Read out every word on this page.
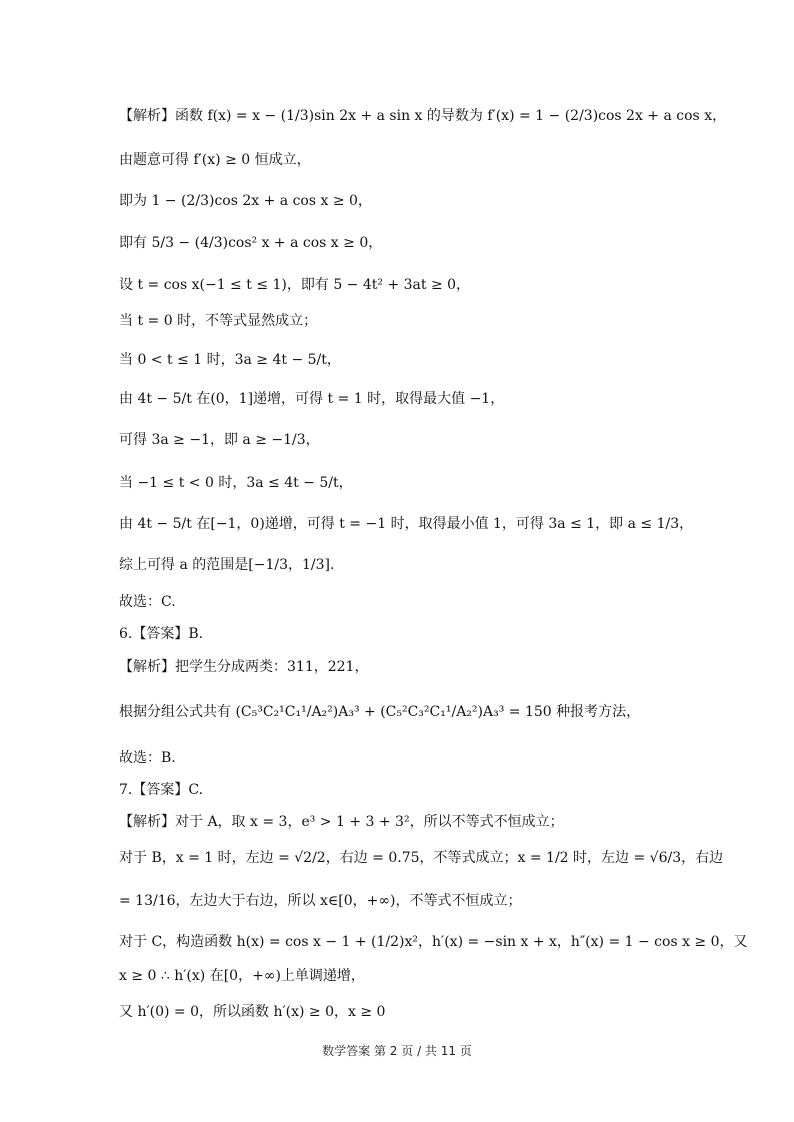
【解析】函数 f(x) = x − (1/3)sin 2x + a sin x 的导数为 f′(x) = 1 − (2/3)cos 2x + a cos x，
由题意可得 f′(x) ≥ 0 恒成立，
即为 1 − (2/3)cos 2x + a cos x ≥ 0，
即有 5/3 − (4/3)cos² x + a cos x ≥ 0，
设 t = cos x(−1 ≤ t ≤ 1)，即有 5 − 4t² + 3at ≥ 0，
当 t = 0 时，不等式显然成立；
当 0 < t ≤ 1 时，3a ≥ 4t − 5/t，
由 4t − 5/t 在(0，1]递增，可得 t = 1 时，取得最大值 −1，
可得 3a ≥ −1，即 a ≥ −1/3，
当 −1 ≤ t < 0 时，3a ≤ 4t − 5/t，
由 4t − 5/t 在[−1，0)递增，可得 t = −1 时，取得最小值 1，可得 3a ≤ 1，即 a ≤ 1/3，
综上可得 a 的范围是[−1/3，1/3].
故选：C.
6.【答案】B.
【解析】把学生分成两类：311，221，
根据分组公式共有 (C₅³C₂¹C₁¹/A₂²)A₃³ + (C₅²C₃²C₁¹/A₂²)A₃³ = 150 种报考方法，
故选：B.
7.【答案】C.
【解析】对于 A，取 x = 3，e³ > 1 + 3 + 3²，所以不等式不恒成立；
对于 B，x = 1 时，左边 = √2/2，右边 = 0.75，不等式成立；x = 1/2 时，左边 = √6/3，右边
= 13/16，左边大于右边，所以 x∈[0，+∞)，不等式不恒成立；
对于 C，构造函数 h(x) = cos x − 1 + (1/2)x²，h′(x) = −sin x + x，h″(x) = 1 − cos x ≥ 0，又
x ≥ 0 ∴ h′(x) 在[0，+∞)上单调递增，
又 h′(0) = 0，所以函数 h′(x) ≥ 0，x ≥ 0
数学答案 第 2 页 / 共 11 页
